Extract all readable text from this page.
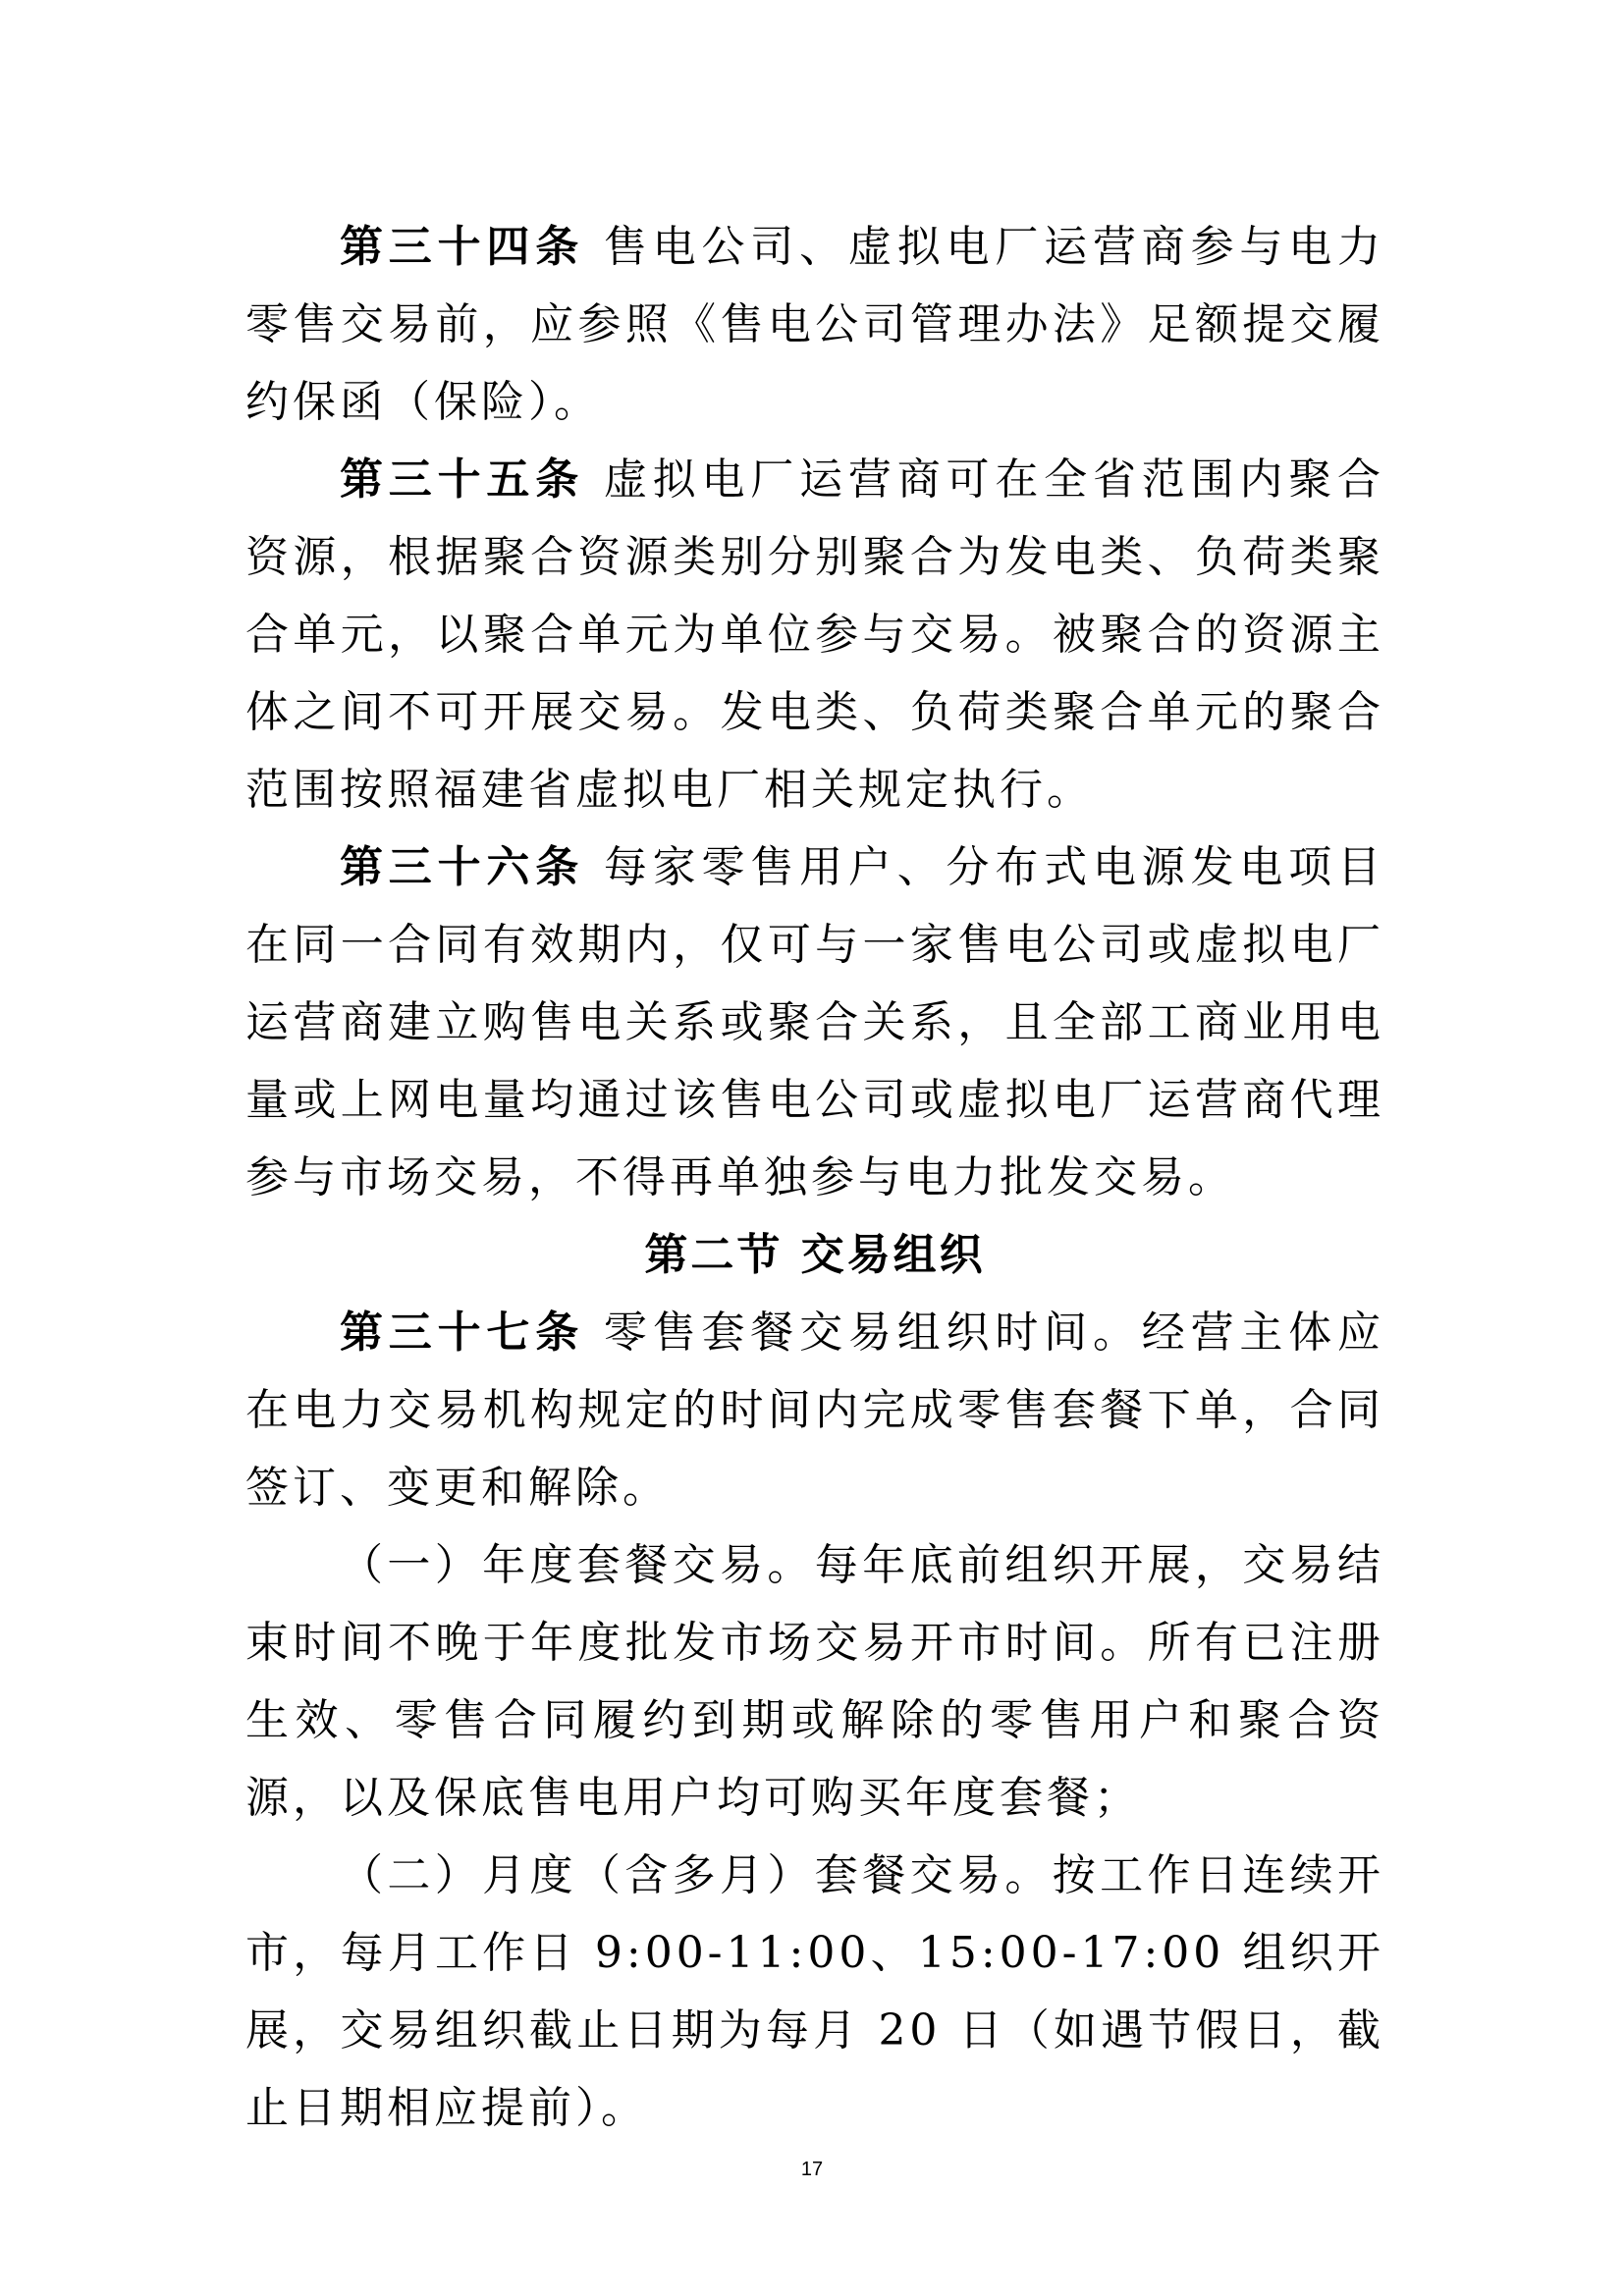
第三十四条 售电公司、虚拟电厂运营商参与电力零售交易前，应参照《售电公司管理办法》足额提交履约保函（保险）。

第三十五条 虚拟电厂运营商可在全省范围内聚合资源，根据聚合资源类别分别聚合为发电类、负荷类聚合单元，以聚合单元为单位参与交易。被聚合的资源主体之间不可开展交易。发电类、负荷类聚合单元的聚合范围按照福建省虚拟电厂相关规定执行。

第三十六条 每家零售用户、分布式电源发电项目在同一合同有效期内，仅可与一家售电公司或虚拟电厂运营商建立购售电关系或聚合关系，且全部工商业用电量或上网电量均通过该售电公司或虚拟电厂运营商代理参与市场交易，不得再单独参与电力批发交易。

第二节 交易组织

第三十七条 零售套餐交易组织时间。经营主体应在电力交易机构规定的时间内完成零售套餐下单，合同签订、变更和解除。

（一）年度套餐交易。每年底前组织开展，交易结束时间不晚于年度批发市场交易开市时间。所有已注册生效、零售合同履约到期或解除的零售用户和聚合资源，以及保底售电用户均可购买年度套餐；

（二）月度（含多月）套餐交易。按工作日连续开市，每月工作日 9:00-11:00、15:00-17:00 组织开展，交易组织截止日期为每月 20 日（如遇节假日，截止日期相应提前）。

17
